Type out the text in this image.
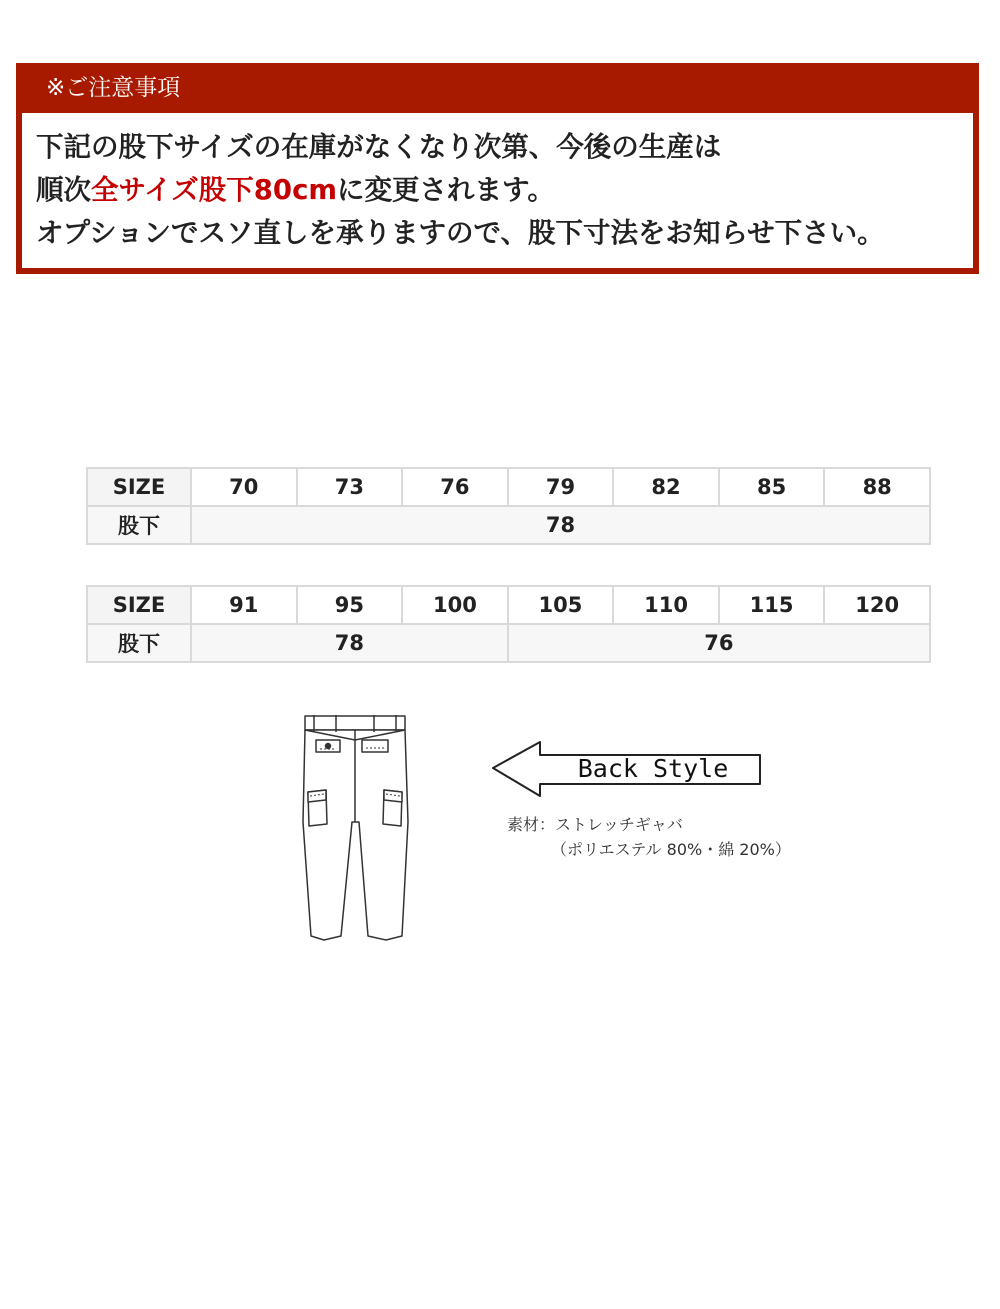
※ご注意事項
下記の股下サイズの在庫がなくなり次第、今後の生産は
順次全サイズ股下80cmに変更されます。
オプションでスソ直しを承りますので、股下寸法をお知らせ下さい。
SIZE	70	73	76	79	82	85	88
股下	78						
SIZE	91	95	100	105	110	115	120
股下	78			76			
Back Style
素材：ストレッチギャバ
（ポリエステル 80%・綿 20%）
